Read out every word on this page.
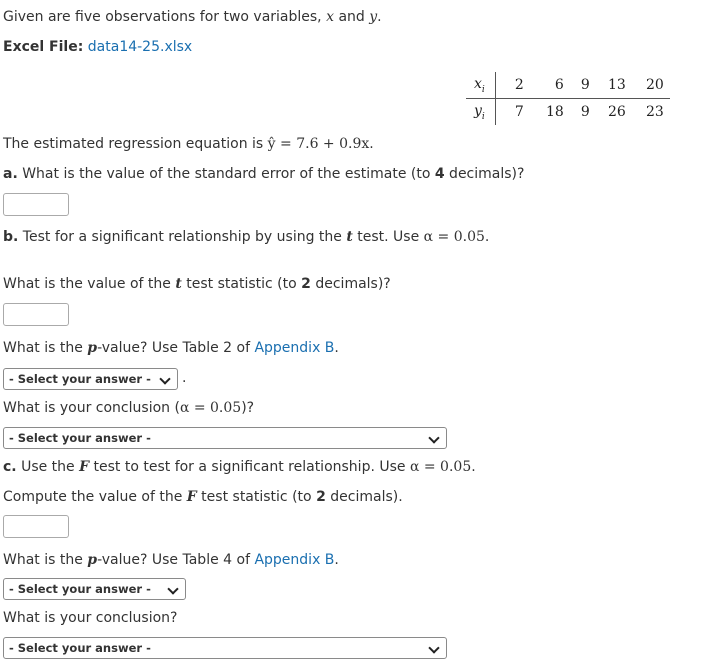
Given are five observations for two variables, x and y.
Excel File: data14-25.xlsx
$x_i$	2	6	9	13	20
$y_i$	7	18	9	26	23
The estimated regression equation is ŷ = 7.6 + 0.9x.
a. What is the value of the standard error of the estimate (to 4 decimals)?
b. Test for a significant relationship by using the t test. Use α = 0.05.
What is the value of the t test statistic (to 2 decimals)?
What is the p-value? Use Table 2 of Appendix B.
- Select your answer -	.
What is your conclusion (α = 0.05)?
- Select your answer -
c. Use the F test to test for a significant relationship. Use α = 0.05.
Compute the value of the F test statistic (to 2 decimals).
What is the p-value? Use Table 4 of Appendix B.
- Select your answer -
What is your conclusion?
- Select your answer -
